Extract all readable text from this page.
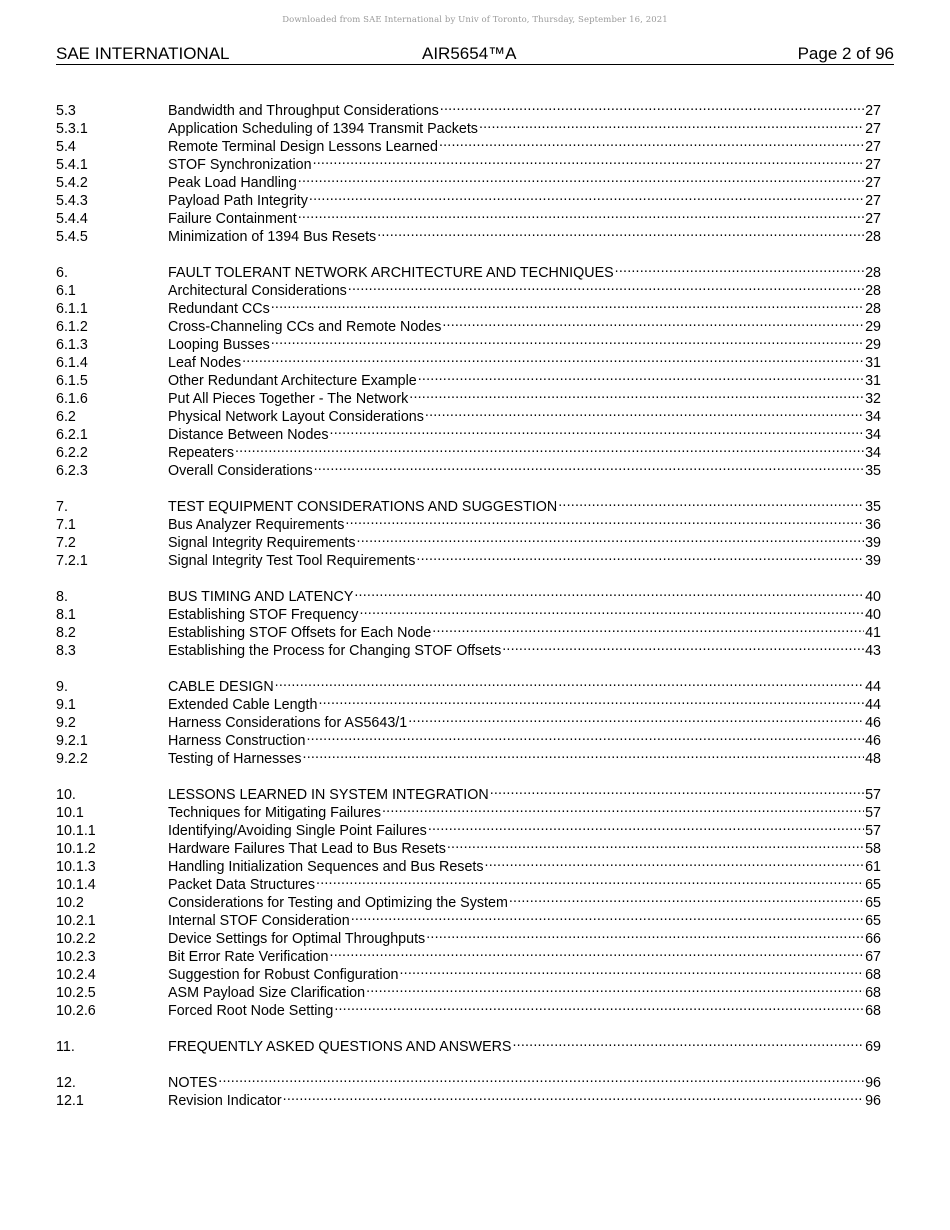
Downloaded from SAE International by Univ of Toronto, Thursday, September 16, 2021
SAE INTERNATIONAL	AIR5654™A	Page 2 of 96
5.3	Bandwidth and Throughput Considerations .....	27
5.3.1	Application Scheduling of 1394 Transmit Packets .....	27
5.4	Remote Terminal Design Lessons Learned .....	27
5.4.1	STOF Synchronization .....	27
5.4.2	Peak Load Handling .....	27
5.4.3	Payload Path Integrity .....	27
5.4.4	Failure Containment .....	27
5.4.5	Minimization of 1394 Bus Resets .....	28
6.	FAULT TOLERANT NETWORK ARCHITECTURE AND TECHNIQUES .....	28
6.1	Architectural Considerations .....	28
6.1.1	Redundant CCs .....	28
6.1.2	Cross-Channeling CCs and Remote Nodes .....	29
6.1.3	Looping Busses .....	29
6.1.4	Leaf Nodes .....	31
6.1.5	Other Redundant Architecture Example .....	31
6.1.6	Put All Pieces Together - The Network .....	32
6.2	Physical Network Layout Considerations .....	34
6.2.1	Distance Between Nodes .....	34
6.2.2	Repeaters .....	34
6.2.3	Overall Considerations .....	35
7.	TEST EQUIPMENT CONSIDERATIONS AND SUGGESTION .....	35
7.1	Bus Analyzer Requirements .....	36
7.2	Signal Integrity Requirements .....	39
7.2.1	Signal Integrity Test Tool Requirements .....	39
8.	BUS TIMING AND LATENCY .....	40
8.1	Establishing STOF Frequency .....	40
8.2	Establishing STOF Offsets for Each Node .....	41
8.3	Establishing the Process for Changing STOF Offsets .....	43
9.	CABLE DESIGN .....	44
9.1	Extended Cable Length .....	44
9.2	Harness Considerations for AS5643/1 .....	46
9.2.1	Harness Construction .....	46
9.2.2	Testing of Harnesses .....	48
10.	LESSONS LEARNED IN SYSTEM INTEGRATION .....	57
10.1	Techniques for Mitigating Failures .....	57
10.1.1	Identifying/Avoiding Single Point Failures .....	57
10.1.2	Hardware Failures That Lead to Bus Resets .....	58
10.1.3	Handling Initialization Sequences and Bus Resets .....	61
10.1.4	Packet Data Structures .....	65
10.2	Considerations for Testing and Optimizing the System .....	65
10.2.1	Internal STOF Consideration .....	65
10.2.2	Device Settings for Optimal Throughputs .....	66
10.2.3	Bit Error Rate Verification .....	67
10.2.4	Suggestion for Robust Configuration .....	68
10.2.5	ASM Payload Size Clarification .....	68
10.2.6	Forced Root Node Setting .....	68
11.	FREQUENTLY ASKED QUESTIONS AND ANSWERS .....	69
12.	NOTES .....	96
12.1	Revision Indicator .....	96
